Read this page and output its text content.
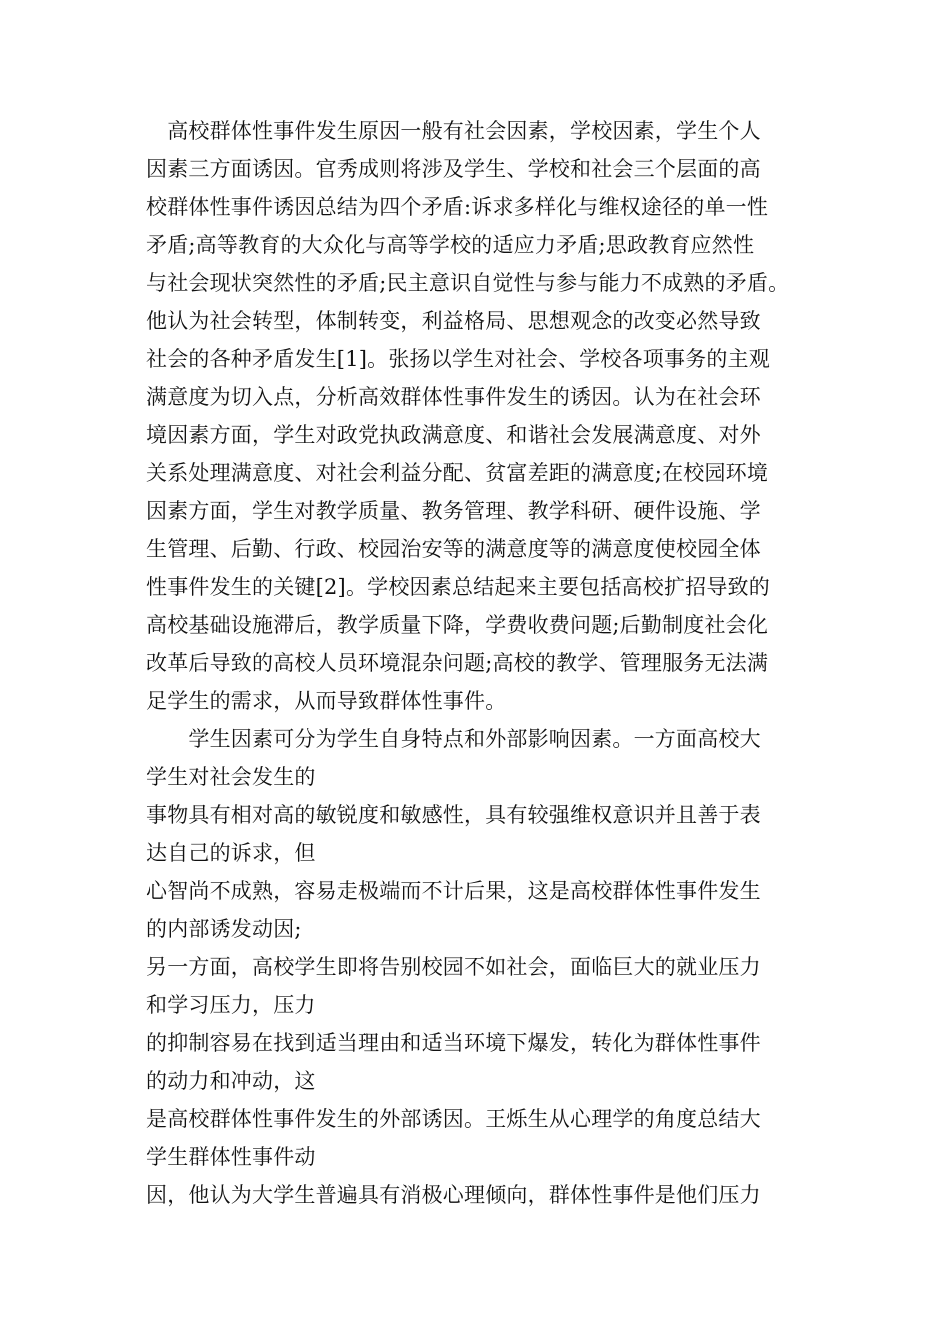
　高校群体性事件发生原因一般有社会因素，学校因素，学生个人
因素三方面诱因。官秀成则将涉及学生、学校和社会三个层面的高
校群体性事件诱因总结为四个矛盾:诉求多样化与维权途径的单一性
矛盾;高等教育的大众化与高等学校的适应力矛盾;思政教育应然性
与社会现状突然性的矛盾;民主意识自觉性与参与能力不成熟的矛盾。
他认为社会转型，体制转变，利益格局、思想观念的改变必然导致
社会的各种矛盾发生[1]。张扬以学生对社会、学校各项事务的主观
满意度为切入点，分析高效群体性事件发生的诱因。认为在社会环
境因素方面，学生对政党执政满意度、和谐社会发展满意度、对外
关系处理满意度、对社会利益分配、贫富差距的满意度;在校园环境
因素方面，学生对教学质量、教务管理、教学科研、硬件设施、学
生管理、后勤、行政、校园治安等的满意度等的满意度使校园全体
性事件发生的关键[2]。学校因素总结起来主要包括高校扩招导致的
高校基础设施滞后，教学质量下降，学费收费问题;后勤制度社会化
改革后导致的高校人员环境混杂问题;高校的教学、管理服务无法满
足学生的需求，从而导致群体性事件。
　　学生因素可分为学生自身特点和外部影响因素。一方面高校大
学生对社会发生的
事物具有相对高的敏锐度和敏感性，具有较强维权意识并且善于表
达自己的诉求，但
心智尚不成熟，容易走极端而不计后果，这是高校群体性事件发生
的内部诱发动因;
另一方面，高校学生即将告别校园不如社会，面临巨大的就业压力
和学习压力，压力
的抑制容易在找到适当理由和适当环境下爆发，转化为群体性事件
的动力和冲动，这
是高校群体性事件发生的外部诱因。王烁生从心理学的角度总结大
学生群体性事件动
因，他认为大学生普遍具有消极心理倾向，群体性事件是他们压力
